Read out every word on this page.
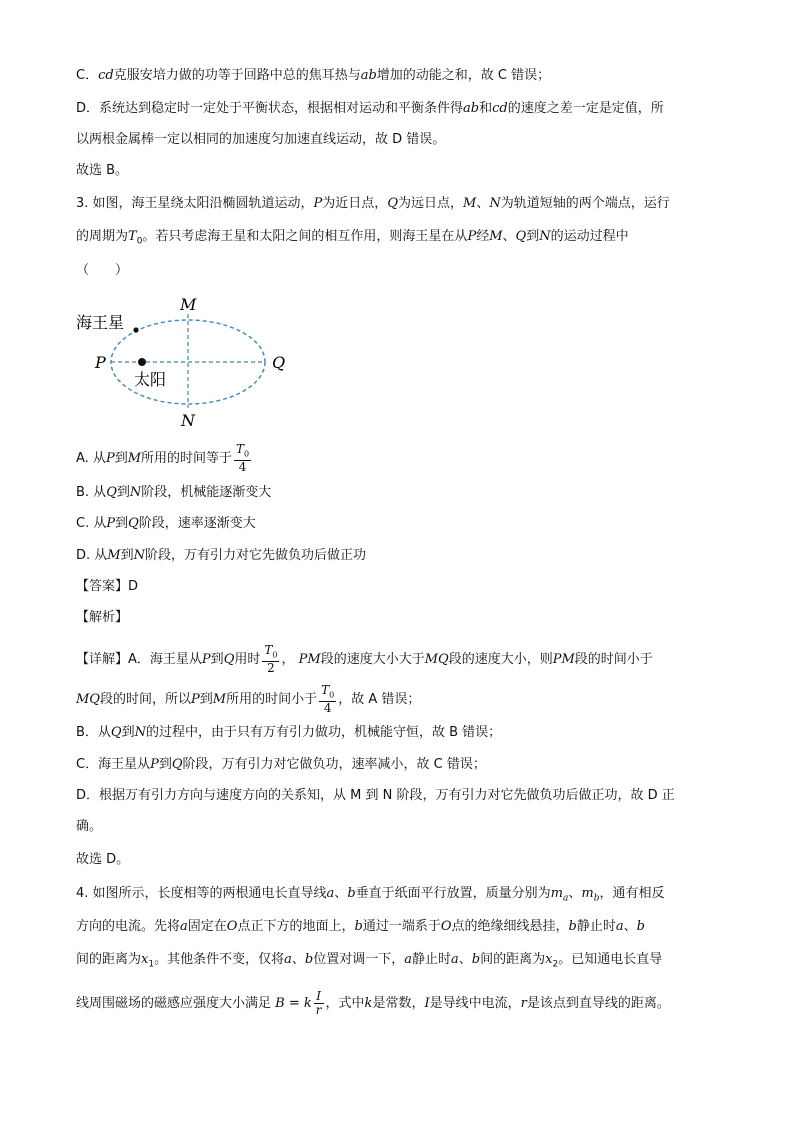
C．cd克服安培力做的功等于回路中总的焦耳热与ab增加的动能之和，故 C 错误；
D．系统达到稳定时一定处于平衡状态，根据相对运动和平衡条件得ab和cd的速度之差一定是定值，所
以两根金属棒一定以相同的加速度匀加速直线运动，故 D 错误。
故选 B。
3. 如图，海王星绕太阳沿椭圆轨道运动，P为近日点，Q为远日点，M、N为轨道短轴的两个端点，运行
的周期为$T_0$。若只考虑海王星和太阳之间的相互作用，则海王星在从P经M、Q到N的运动过程中
（　　）
M
N
P	Q
海王星
太阳
A. 从P到M所用的时间等于 $\frac{T_0}{4}$
B. 从Q到N阶段，机械能逐渐变大
C. 从P到Q阶段，速率逐渐变大
D. 从M到N阶段，万有引力对它先做负功后做正功
【答案】D
【解析】
【详解】A．海王星从P到Q用时 $\frac{T_0}{2}$ ， PM段的速度大小大于MQ段的速度大小，则PM段的时间小于
MQ段的时间，所以P到M所用的时间小于 $\frac{T_0}{4}$ ，故 A 错误；
B．从Q到N的过程中，由于只有万有引力做功，机械能守恒，故 B 错误；
C．海王星从P到Q阶段，万有引力对它做负功，速率减小，故 C 错误；
D．根据万有引力方向与速度方向的关系知，从 M 到 N 阶段，万有引力对它先做负功后做正功，故 D 正
确。
故选 D。
4. 如图所示，长度相等的两根通电长直导线a、b垂直于纸面平行放置，质量分别为$m_a$、$m_b$，通有相反
方向的电流。先将a固定在O点正下方的地面上，b通过一端系于O点的绝缘细线悬挂，b静止时a、b
间的距离为$x_1$。其他条件不变，仅将a、b位置对调一下，a静止时a、b间的距离为$x_2$。已知通电长直导
线周围磁场的磁感应强度大小满足 B = k $\frac{I}{r}$ ，式中k是常数，I是导线中电流，r是该点到直导线的距离。
